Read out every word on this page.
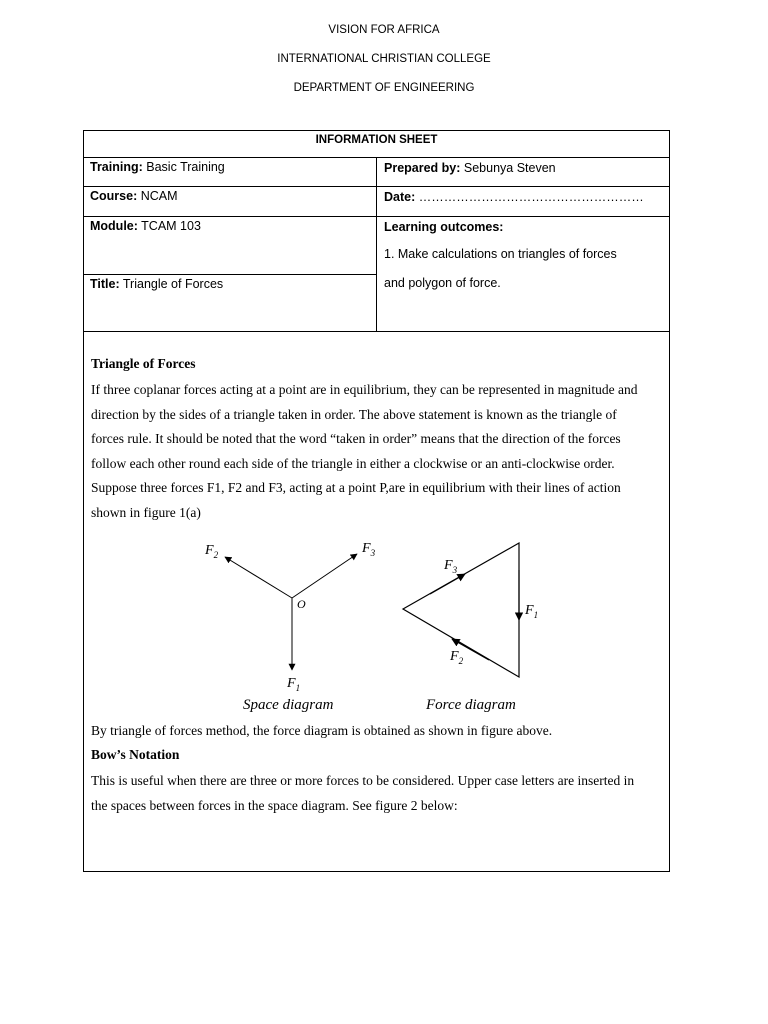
VISION FOR AFRICA
INTERNATIONAL CHRISTIAN COLLEGE
DEPARTMENT OF ENGINEERING
INFORMATION SHEET
Training: Basic Training	Prepared by: Sebunya Steven
Course: NCAM	Date: ………………………………………………
Module: TCAM 103	Learning outcomes:
1. Make calculations on triangles of forces
and polygon of force.
Title: Triangle of Forces
Triangle of Forces
If three coplanar forces acting at a point are in equilibrium, they can be represented in magnitude and
direction by the sides of a triangle taken in order. The above statement is known as the triangle of
forces rule. It should be noted that the word “taken in order” means that the direction of the forces
follow each other round each side of the triangle in either a clockwise or an anti-clockwise order.
Suppose three forces F1, F2 and F3, acting at a point P,are in equilibrium with their lines of action
shown in figure 1(a)
$F_2$	$F_3$
O
$F_1$
Space diagram
$F_3$
$F_1$
$F_2$
Force diagram
By triangle of forces method, the force diagram is obtained as shown in figure above.
Bow’s Notation
This is useful when there are three or more forces to be considered. Upper case letters are inserted in
the spaces between forces in the space diagram. See figure 2 below:
